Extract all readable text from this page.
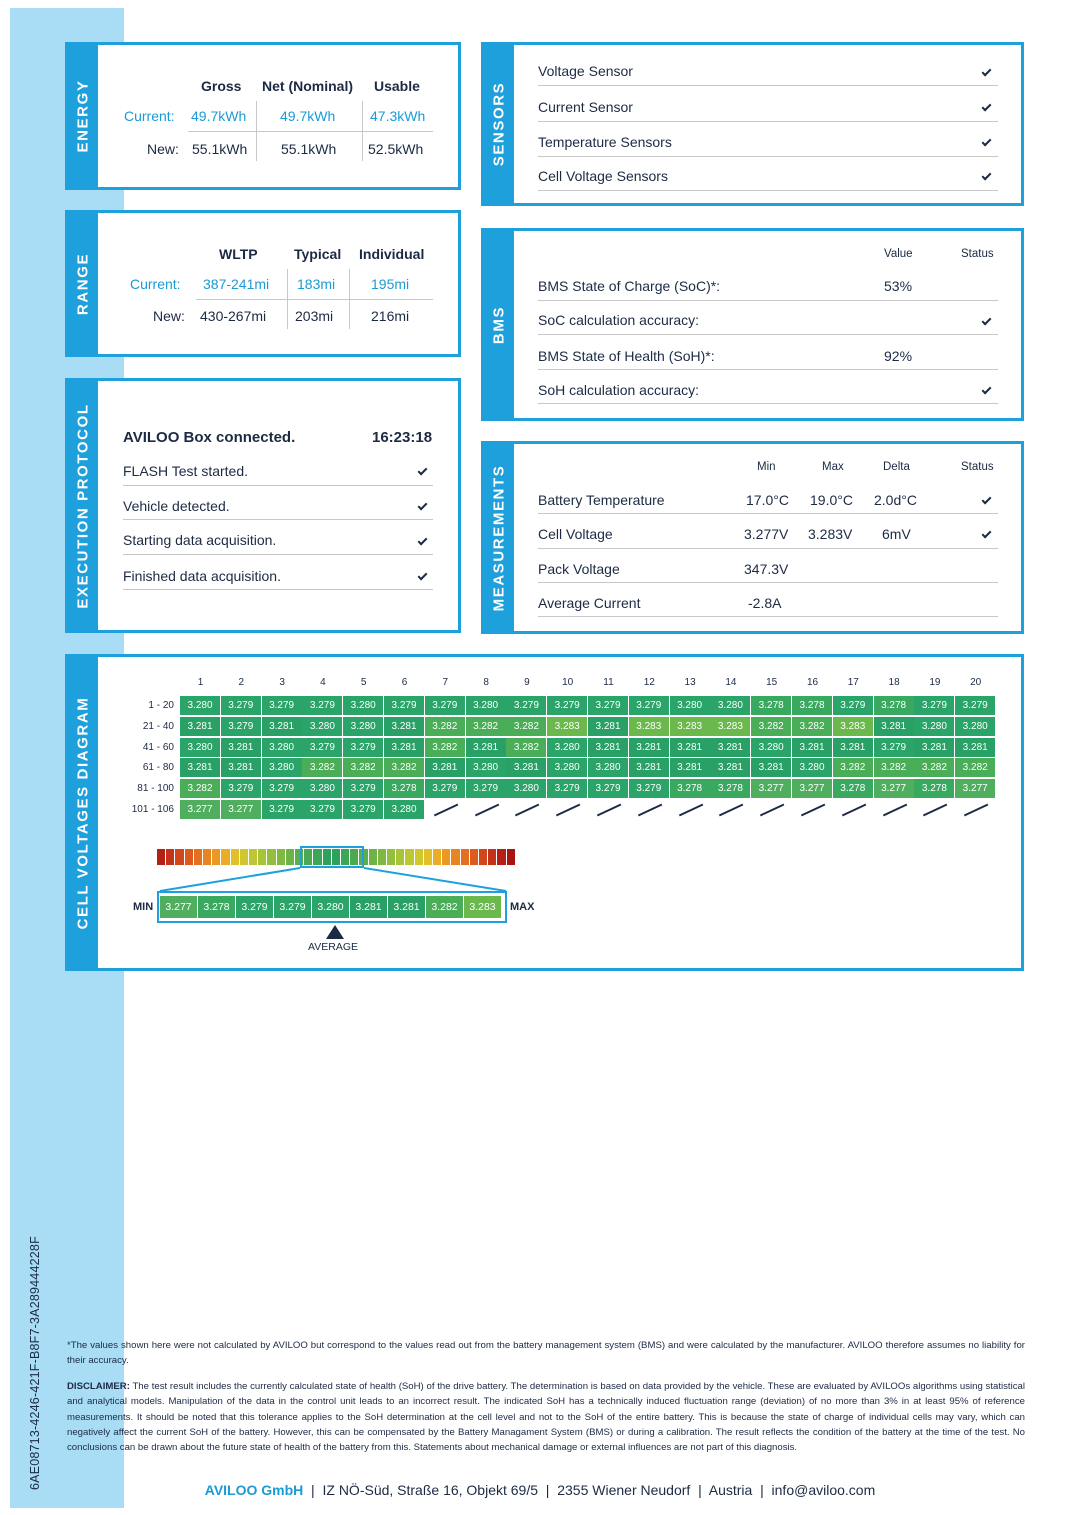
6AE08713-4246-421F-B8F7-3A289444228F
ENERGY	Gross Net (Nominal) Usable
Current: 49.7kWh 49.7kWh 47.3kWh
New: 55.1kWh 55.1kWh 52.5kWh
RANGE	WLTP	Typical Individual
Current: 387-241mi 183mi	195mi
New: 430-267mi 203mi	216mi
EXECUTION PROTOCOL AVILOO Box connected.	16:23:18
FLASH Test started.
Vehicle detected.
Starting data acquisition.
Finished data acquisition.
SENSORS
Voltage Sensor
Current Sensor
Temperature Sensors
Cell Voltage Sensors
BMS
Value	Status
BMS State of Charge (SoC)*:	53%
SoC calculation accuracy:
BMS State of Health (SoH)*:	92%
SoH calculation accuracy:
MEASUREMENTS	Min	Max	Delta	Status
Battery Temperature	17.0°C 19.0°C 2.0d°C
Cell Voltage	3.277V 3.283V 6mV
Pack Voltage	347.3V
Average Current	-2.8A
CELL VOLTAGES DIAGRAM
1	2	3	4	5	6	7	8	9	10	11	12	13	14	15	16	17	18	19	20
1 - 20	3.280	3.279	3.279	3.279	3.280	3.279	3.279	3.280	3.279	3.279	3.279	3.279	3.280	3.280	3.278	3.278	3.279	3.278	3.279	3.279
21 - 40	3.281	3.279	3.281	3.280	3.280	3.281	3.282	3.282	3.282	3.283	3.281	3.283	3.283	3.283	3.282	3.282	3.283	3.281	3.280	3.280
41 - 60	3.280	3.281	3.280	3.279	3.279	3.281	3.282	3.281	3.282	3.280	3.281	3.281	3.281	3.281	3.280	3.281	3.281	3.279	3.281	3.281
61 - 80	3.281	3.281	3.280	3.282	3.282	3.282	3.281	3.280	3.281	3.280	3.280	3.281	3.281	3.281	3.281	3.280	3.282	3.282	3.282	3.282
81 - 100	3.282	3.279	3.279	3.280	3.279	3.278	3.279	3.279	3.280	3.279	3.279	3.279	3.278	3.278	3.277	3.277	3.278	3.277	3.278	3.277
101 - 106	3.277	3.277	3.279	3.279	3.279	3.280
3.277	3.278	3.279	3.279	3.280	3.281	3.281	3.282	3.283
MIN	MAX
AVERAGE
*The values shown here were not calculated by AVILOO but correspond to the values read out from the battery management system (BMS) and were calculated by the manufacturer. AVILOO therefore assumes no liability for their accuracy.
DISCLAIMER: The test result includes the currently calculated state of health (SoH) of the drive battery. The determination is based on data provided by the vehicle. These are evaluated by AVILOOs algorithms using statistical and analytical models. Manipulation of the data in the control unit leads to an incorrect result. The indicated SoH has a technically induced fluctuation range (deviation) of no more than 3% in at least 95% of reference measurements. It should be noted that this tolerance applies to the SoH determination at the cell level and not to the SoH of the entire battery. This is because the state of charge of individual cells may vary, which can negatively affect the current SoH of the battery. However, this can be compensated by the Battery Managament System (BMS) or during a calibration. The result reflects the condition of the battery at the time of the test. No conclusions can be drawn about the future state of health of the battery from this. Statements about mechanical damage or external influences are not part of this diagnosis.
AVILOO GmbH  |  IZ NÖ-Süd, Straße 16, Objekt 69/5  |  2355 Wiener Neudorf  |  Austria  |  info@aviloo.com
